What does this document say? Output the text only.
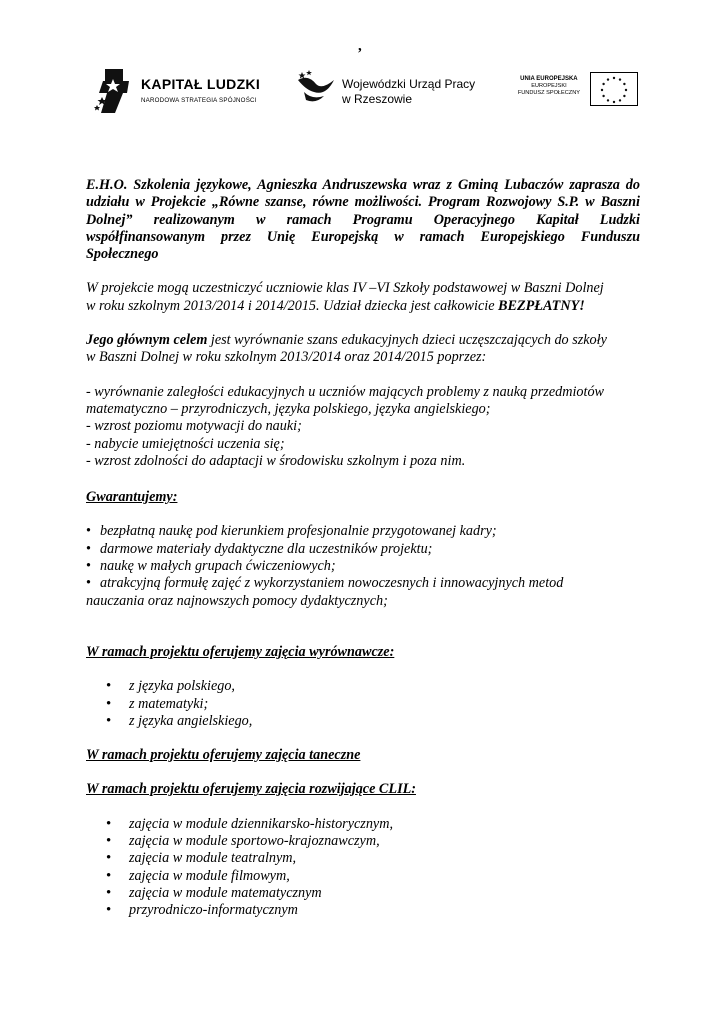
,
KAPITAŁ LUDZKI
NARODOWA STRATEGIA SPÓJNOŚCI
Wojewódzki Urząd Pracy
w Rzeszowie
UNIA EUROPEJSKA
EUROPEJSKI
FUNDUSZ SPOŁECZNY

E.H.O. Szkolenia językowe, Agnieszka Andruszewska wraz z Gminą Lubaczów zaprasza do

udziału w Projekcie „Równe szanse, równe możliwości. Program Rozwojowy S.P. w Baszni

Dolnej” realizowanym w ramach Programu Operacyjnego Kapitał Ludzki

współfinansowanym przez Unię Europejską w ramach Europejskiego Funduszu

Społecznego

W projekcie mogą uczestniczyć uczniowie klas IV –VI Szkoły podstawowej w Baszni Dolnej

w roku szkolnym 2013/2014 i 2014/2015. Udział dziecka jest całkowicie BEZPŁATNY!

Jego głównym celem jest wyrównanie szans edukacyjnych dzieci uczęszczających do szkoły

w Baszni Dolnej w roku szkolnym 2013/2014 oraz 2014/2015 poprzez:

- wyrównanie zaległości edukacyjnych u uczniów mających problemy z nauką przedmiotów

matematyczno – przyrodniczych, języka polskiego, języka angielskiego;

- wzrost poziomu motywacji do nauki;

- nabycie umiejętności uczenia się;

- wzrost zdolności do adaptacji w środowisku szkolnym i poza nim.

Gwarantujemy:

• bezpłatną naukę pod kierunkiem profesjonalnie przygotowanej kadry;
• darmowe materiały dydaktyczne dla uczestników projektu;
• naukę w małych grupach ćwiczeniowych;
• atrakcyjną formułę zajęć z wykorzystaniem nowoczesnych i innowacyjnych metod

nauczania oraz najnowszych pomocy dydaktycznych;

W ramach projektu oferujemy zajęcia wyrównawcze:

• z języka polskiego,
• z matematyki;
• z języka angielskiego,

W ramach projektu oferujemy zajęcia taneczne

W ramach projektu oferujemy zajęcia rozwijające CLIL:

• zajęcia w module dziennikarsko-historycznym,
• zajęcia w module sportowo-krajoznawczym,
• zajęcia w module teatralnym,
• zajęcia w module filmowym,
• zajęcia w module matematycznym
• przyrodniczo-informatycznym
